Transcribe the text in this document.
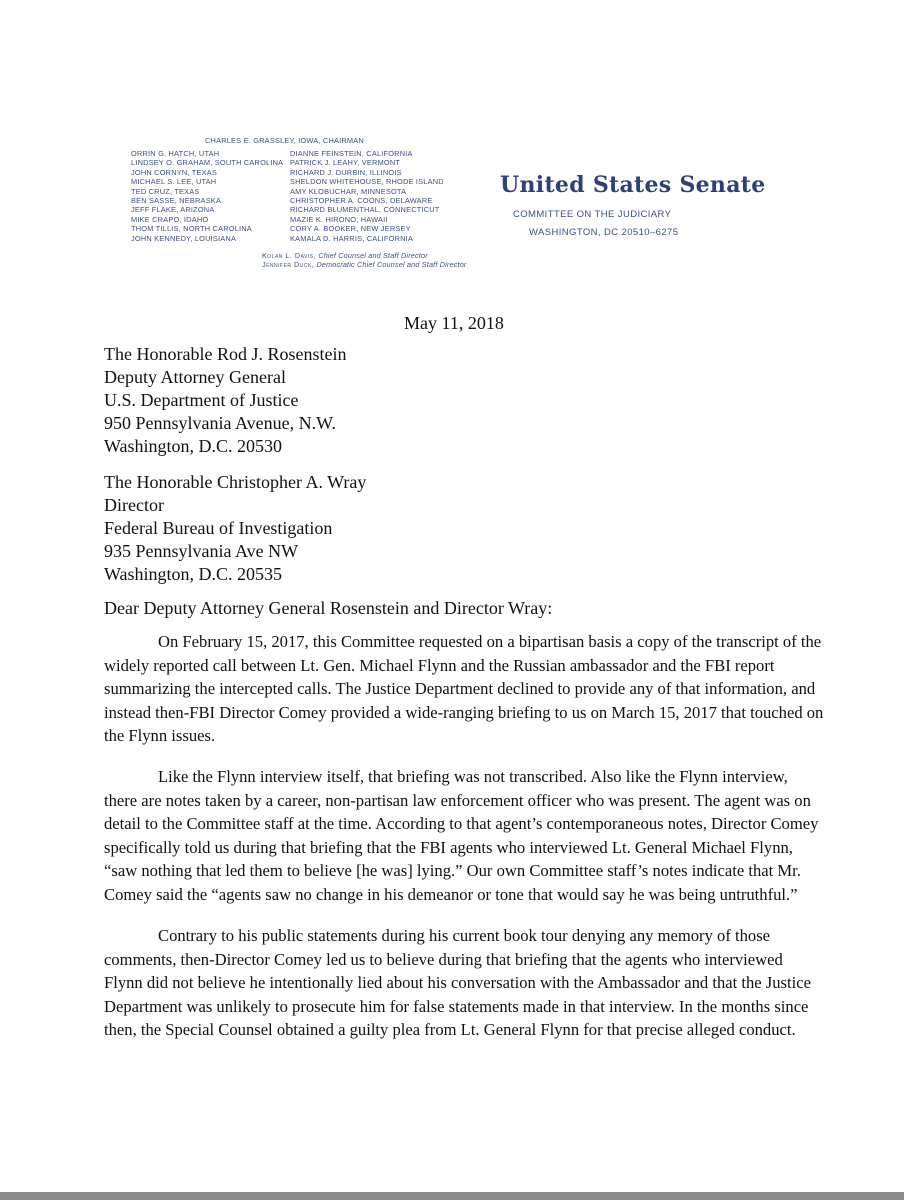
CHARLES E. GRASSLEY, IOWA, CHAIRMAN
ORRIN G. HATCH, UTAH
LINDSEY O. GRAHAM, SOUTH CAROLINA
JOHN CORNYN, TEXAS
MICHAEL S. LEE, UTAH
TED CRUZ, TEXAS
BEN SASSE, NEBRASKA
JEFF FLAKE, ARIZONA
MIKE CRAPO, IDAHO
THOM TILLIS, NORTH CAROLINA
JOHN KENNEDY, LOUISIANA
DIANNE FEINSTEIN, CALIFORNIA
PATRICK J. LEAHY, VERMONT
RICHARD J. DURBIN, ILLINOIS
SHELDON WHITEHOUSE, RHODE ISLAND
AMY KLOBUCHAR, MINNESOTA
CHRISTOPHER A. COONS, DELAWARE
RICHARD BLUMENTHAL, CONNECTICUT
MAZIE K. HIRONO, HAWAII
CORY A. BOOKER, NEW JERSEY
KAMALA D. HARRIS, CALIFORNIA
Kolan L. Davis, Chief Counsel and Staff Director
Jennifer Duck, Democratic Chief Counsel and Staff Director
United States Senate
COMMITTEE ON THE JUDICIARY
WASHINGTON, DC 20510–6275
May 11, 2018
The Honorable Rod J. Rosenstein
Deputy Attorney General
U.S. Department of Justice
950 Pennsylvania Avenue, N.W.
Washington, D.C. 20530
The Honorable Christopher A. Wray
Director
Federal Bureau of Investigation
935 Pennsylvania Ave NW
Washington, D.C. 20535
Dear Deputy Attorney General Rosenstein and Director Wray:

On February 15, 2017, this Committee requested on a bipartisan basis a copy of the transcript of the widely reported call between Lt. Gen. Michael Flynn and the Russian ambassador and the FBI report summarizing the intercepted calls. The Justice Department declined to provide any of that information, and instead then-FBI Director Comey provided a wide-ranging briefing to us on March 15, 2017 that touched on the Flynn issues.

Like the Flynn interview itself, that briefing was not transcribed. Also like the Flynn interview, there are notes taken by a career, non-partisan law enforcement officer who was present. The agent was on detail to the Committee staff at the time. According to that agent’s contemporaneous notes, Director Comey specifically told us during that briefing that the FBI agents who interviewed Lt. General Michael Flynn, “saw nothing that led them to believe [he was] lying.” Our own Committee staff’s notes indicate that Mr. Comey said the “agents saw no change in his demeanor or tone that would say he was being untruthful.”

Contrary to his public statements during his current book tour denying any memory of those comments, then-Director Comey led us to believe during that briefing that the agents who interviewed Flynn did not believe he intentionally lied about his conversation with the Ambassador and that the Justice Department was unlikely to prosecute him for false statements made in that interview. In the months since then, the Special Counsel obtained a guilty plea from Lt. General Flynn for that precise alleged conduct.
